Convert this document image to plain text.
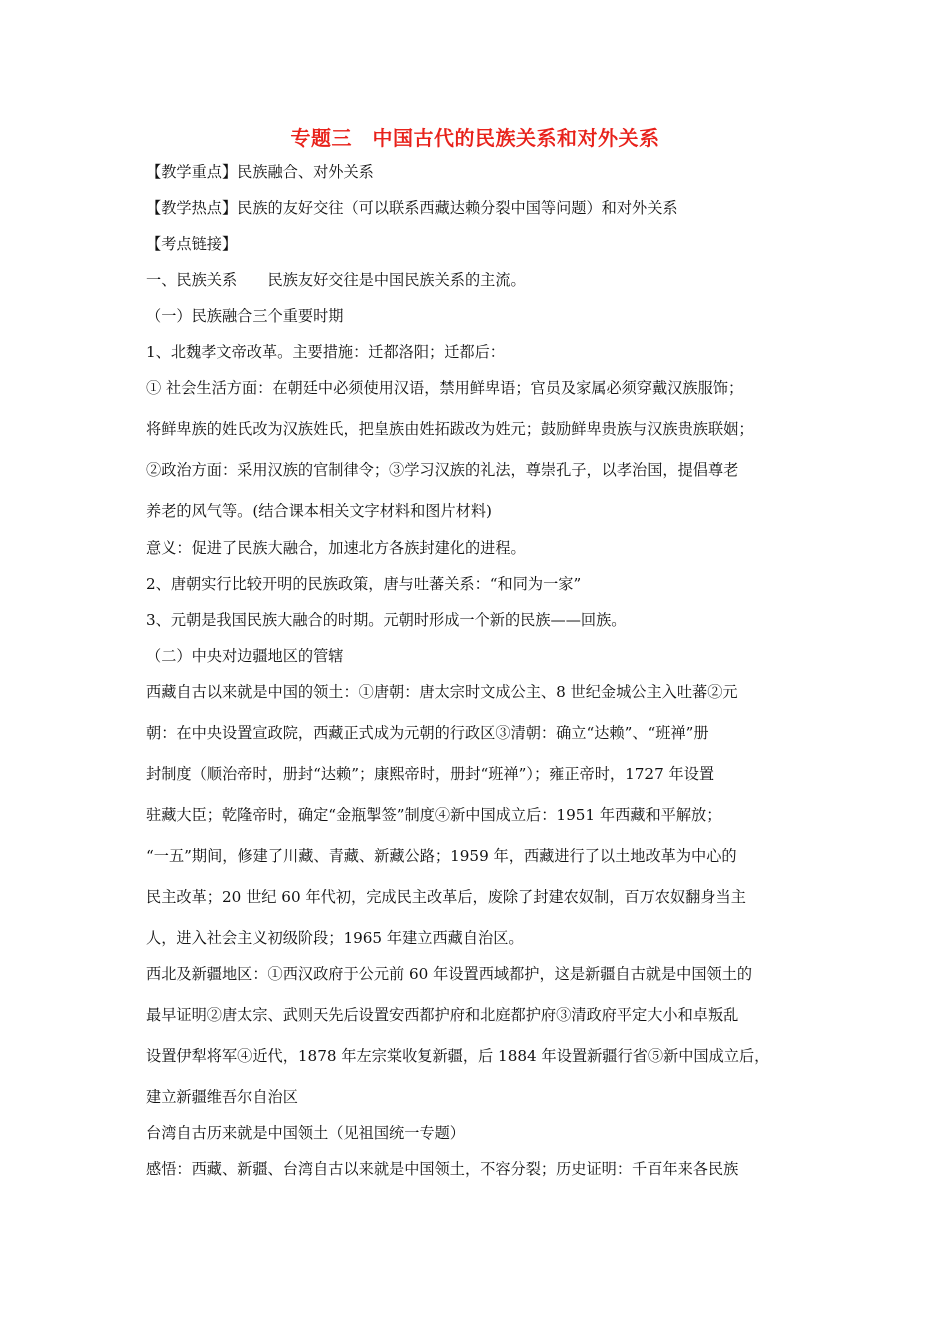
专题三　中国古代的民族关系和对外关系
【教学重点】民族融合、对外关系
【教学热点】民族的友好交往（可以联系西藏达赖分裂中国等问题）和对外关系
【考点链接】
一、民族关系　　民族友好交往是中国民族关系的主流。
（一）民族融合三个重要时期
1、北魏孝文帝改革。主要措施：迁都洛阳；迁都后：
① 社会生活方面：在朝廷中必须使用汉语，禁用鲜卑语；官员及家属必须穿戴汉族服饰；
将鲜卑族的姓氏改为汉族姓氏，把皇族由姓拓跋改为姓元；鼓励鲜卑贵族与汉族贵族联姻；
②政治方面：采用汉族的官制律令；③学习汉族的礼法，尊崇孔子，以孝治国，提倡尊老
养老的风气等。(结合课本相关文字材料和图片材料)
意义：促进了民族大融合，加速北方各族封建化的进程。
2、唐朝实行比较开明的民族政策，唐与吐蕃关系：“和同为一家”
3、元朝是我国民族大融合的时期。元朝时形成一个新的民族——回族。
（二）中央对边疆地区的管辖
西藏自古以来就是中国的领土：①唐朝：唐太宗时文成公主、8 世纪金城公主入吐蕃②元
朝：在中央设置宣政院，西藏正式成为元朝的行政区③清朝：确立“达赖”、“班禅”册
封制度（顺治帝时，册封“达赖”；康熙帝时，册封“班禅”）；雍正帝时，1727 年设置
驻藏大臣；乾隆帝时，确定“金瓶掣签”制度④新中国成立后：1951 年西藏和平解放；
“一五”期间，修建了川藏、青藏、新藏公路；1959 年，西藏进行了以土地改革为中心的
民主改革；20 世纪 60 年代初，完成民主改革后，废除了封建农奴制，百万农奴翻身当主
人，进入社会主义初级阶段；1965 年建立西藏自治区。
西北及新疆地区：①西汉政府于公元前 60 年设置西域都护，这是新疆自古就是中国领土的
最早证明②唐太宗、武则天先后设置安西都护府和北庭都护府③清政府平定大小和卓叛乱
设置伊犁将军④近代，1878 年左宗棠收复新疆，后 1884 年设置新疆行省⑤新中国成立后，
建立新疆维吾尔自治区
台湾自古历来就是中国领土（见祖国统一专题）
感悟：西藏、新疆、台湾自古以来就是中国领土，不容分裂；历史证明：千百年来各民族
